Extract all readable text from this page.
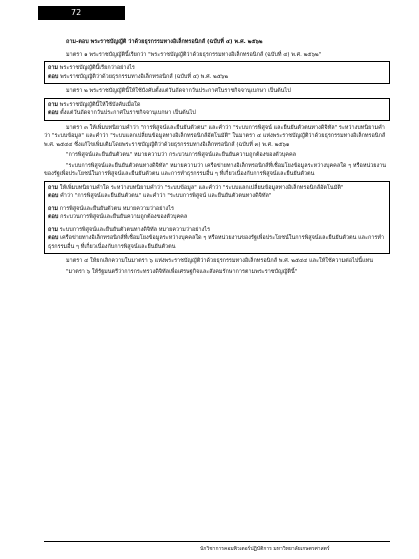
72
ถาม-ตอบ พระราชบัญญัติ ว่าด้วยธุรกรรมทางอิเล็กทรอนิกส์ (ฉบับที่ ๔) พ.ศ. ๒๕๖๒
มาตรา ๑ พระราชบัญญัตินี้เรียกว่า "พระราชบัญญัติว่าด้วยธุรกรรมทางอิเล็กทรอนิกส์ (ฉบับที่ ๔) พ.ศ. ๒๕๖๒"
ถาม พระราชบัญญัตินี้เรียกว่าอย่างไร
ตอบ พระราชบัญญัติว่าด้วยธุรกรรมทางอิเล็กทรอนิกส์ (ฉบับที่ ๔) พ.ศ. ๒๕๖๒
มาตรา ๒ พระราชบัญญัตินี้ให้ใช้บังคับตั้งแต่วันถัดจากวันประกาศในราชกิจจานุเบกษา เป็นต้นไป
ถาม พระราชบัญญัตินี้ให้ใช้บังคับเมื่อใด
ตอบ ตั้งแต่วันถัดจากวันประกาศในราชกิจจานุเบกษา เป็นต้นไป
มาตรา ๓ ให้เพิ่มบทนิยามคำว่า "การพิสูจน์และยืนยันตัวตน" และคำว่า "ระบบการพิสูจน์ และยืนยันตัวตนทางดิจิทัล" ระหว่างบทนิยามคำว่า "ระบบข้อมูล" และคำว่า "ระบบแลกเปลี่ยนข้อมูลทางอิเล็กทรอนิกส์อัตโนมัติ" ในมาตรา ๔ แห่งพระราชบัญญัติว่าด้วยธุรกรรมทางอิเล็กทรอนิกส์ พ.ศ. ๒๕๔๔ ซึ่งแก้ไขเพิ่มเติมโดยพระราชบัญญัติว่าด้วยธุรกรรมทางอิเล็กทรอนิกส์ (ฉบับที่ ๓) พ.ศ. ๒๕๖๑
"การพิสูจน์และยืนยันตัวตน" หมายความว่า กระบวนการพิสูจน์และยืนยันความถูกต้องของตัวบุคคล
"ระบบการพิสูจน์และยืนยันตัวตนทางดิจิทัล" หมายความว่า เครือข่ายทางอิเล็กทรอนิกส์ที่เชื่อมโยงข้อมูลระหว่างบุคคลใด ๆ หรือหน่วยงานของรัฐเพื่อประโยชน์ในการพิสูจน์และยืนยันตัวตน และการทำธุรกรรมอื่น ๆ ที่เกี่ยวเนื่องกับการพิสูจน์และยืนยันตัวตน
ถาม ให้เพิ่มบทนิยามคำใด ระหว่างบทนิยามคำว่า "ระบบข้อมูล" และคำว่า "ระบบแลกเปลี่ยนข้อมูลทางอิเล็กทรอนิกส์อัตโนมัติ"
ตอบ คำว่า "การพิสูจน์และยืนยันตัวตน" และคำว่า "ระบบการพิสูจน์ และยืนยันตัวตนทางดิจิทัล"
ถาม การพิสูจน์และยืนยันตัวตน หมายความว่าอย่างไร
ตอบ กระบวนการพิสูจน์และยืนยันความถูกต้องของตัวบุคคล
ถาม ระบบการพิสูจน์และยืนยันตัวตนทางดิจิทัล หมายความว่าอย่างไร
ตอบ เครือข่ายทางอิเล็กทรอนิกส์ที่เชื่อมโยงข้อมูลระหว่างบุคคลใด ๆ หรือหน่วยงานของรัฐเพื่อประโยชน์ในการพิสูจน์และยืนยันตัวตน และการทำธุรกรรมอื่น ๆ ที่เกี่ยวเนื่องกับการพิสูจน์และยืนยันตัวตน
มาตรา ๔ ให้ยกเลิกความในมาตรา ๖ แห่งพระราชบัญญัติว่าด้วยธุรกรรมทางอิเล็กทรอนิกส์ พ.ศ. ๒๕๔๔ และให้ใช้ความต่อไปนี้แทน
"มาตรา ๖ ให้รัฐมนตรีว่าการกระทรวงดิจิทัลเพื่อเศรษฐกิจและสังคมรักษาการตามพระราชบัญญัตินี้"
นักวิชาการคอมพิวเตอร์ปฏิบัติการ มหาวิทยาลัยเกษตรศาสตร์
